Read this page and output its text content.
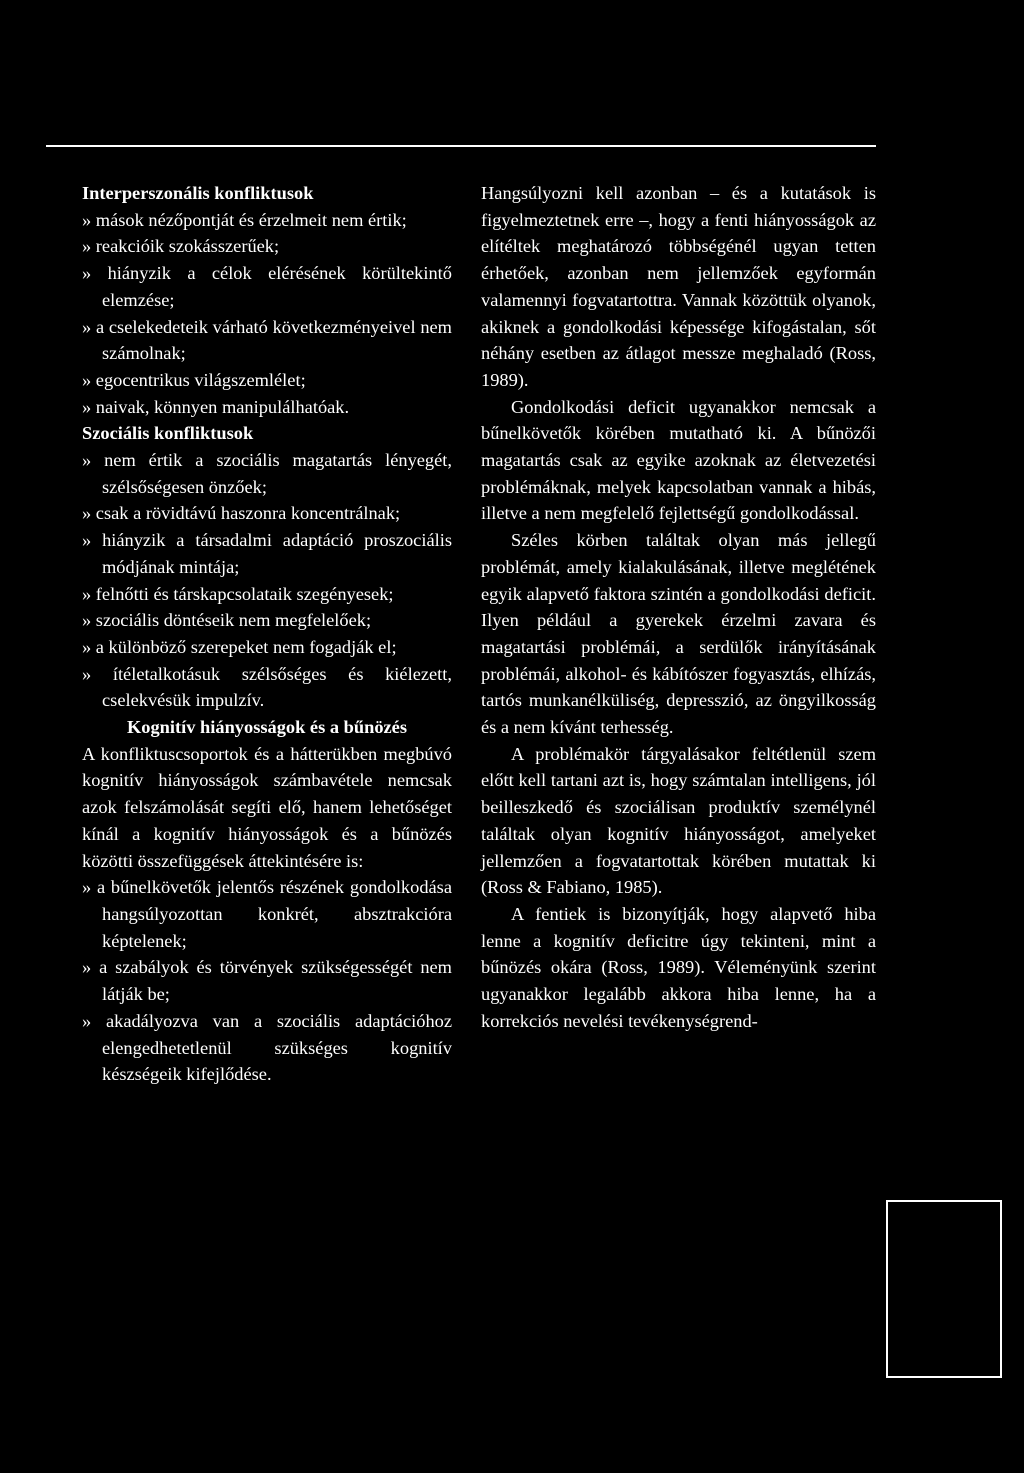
Interperszonális konfliktusok

» mások nézőpontját és érzelmeit nem értik;

» reakcióik szokásszerűek;

» hiányzik a célok elérésének körültekintő elemzése;

» a cselekedeteik várható következményeivel nem számolnak;

» egocentrikus világszemlélet;

» naivak, könnyen manipulálhatóak.

Szociális konfliktusok

» nem értik a szociális magatartás lényegét, szélsőségesen önzőek;

» csak a rövidtávú haszonra koncentrálnak;

» hiányzik a társadalmi adaptáció proszociális módjának mintája;

» felnőtti és társkapcsolataik szegényesek;

» szociális döntéseik nem megfelelőek;

» a különböző szerepeket nem fogadják el;

» ítéletalkotásuk szélsőséges és kiélezett, cselekvésük impulzív.

Kognitív hiányosságok és a bűnözés

A konfliktuscsoportok és a hátterükben megbúvó kognitív hiányosságok számbavétele nemcsak azok felszámolását segíti elő, hanem lehetőséget kínál a kognitív hiányosságok és a bűnözés közötti összefüggések áttekintésére is:

» a bűnelkövetők jelentős részének gondolkodása hangsúlyozottan konkrét, absztrakcióra képtelenek;

» a szabályok és törvények szükségességét nem látják be;

» akadályozva van a szociális adaptációhoz elengedhetetlenül szükséges kognitív készségeik kifejlődése.

Hangsúlyozni kell azonban – és a kutatások is figyelmeztetnek erre –, hogy a fenti hiányosságok az elítéltek meghatározó többségénél ugyan tetten érhetőek, azonban nem jellemzőek egyformán valamennyi fogvatartottra. Vannak közöttük olyanok, akiknek a gondolkodási képessége kifogástalan, sőt néhány esetben az átlagot messze meghaladó (Ross, 1989).

Gondolkodási deficit ugyanakkor nemcsak a bűnelkövetők körében mutatható ki. A bűnözői magatartás csak az egyike azoknak az életvezetési problémáknak, melyek kapcsolatban vannak a hibás, illetve a nem megfelelő fejlettségű gondolkodással.

Széles körben találtak olyan más jellegű problémát, amely kialakulásának, illetve meglétének egyik alapvető faktora szintén a gondolkodási deficit. Ilyen például a gyerekek érzelmi zavara és magatartási problémái, a serdülők irányításának problémái, alkohol- és kábítószer fogyasztás, elhízás, tartós munkanélküliség, depresszió, az öngyilkosság és a nem kívánt terhesség.

A problémakör tárgyalásakor feltétlenül szem előtt kell tartani azt is, hogy számtalan intelligens, jól beilleszkedő és szociálisan produktív személynél találtak olyan kognitív hiányosságot, amelyeket jellemzően a fogvatartottak körében mutattak ki (Ross & Fabiano, 1985).

A fentiek is bizonyítják, hogy alapvető hiba lenne a kognitív deficitre úgy tekinteni, mint a bűnözés okára (Ross, 1989). Véleményünk szerint ugyanakkor legalább akkora hiba lenne, ha a korrekciós nevelési tevékenységrend-
